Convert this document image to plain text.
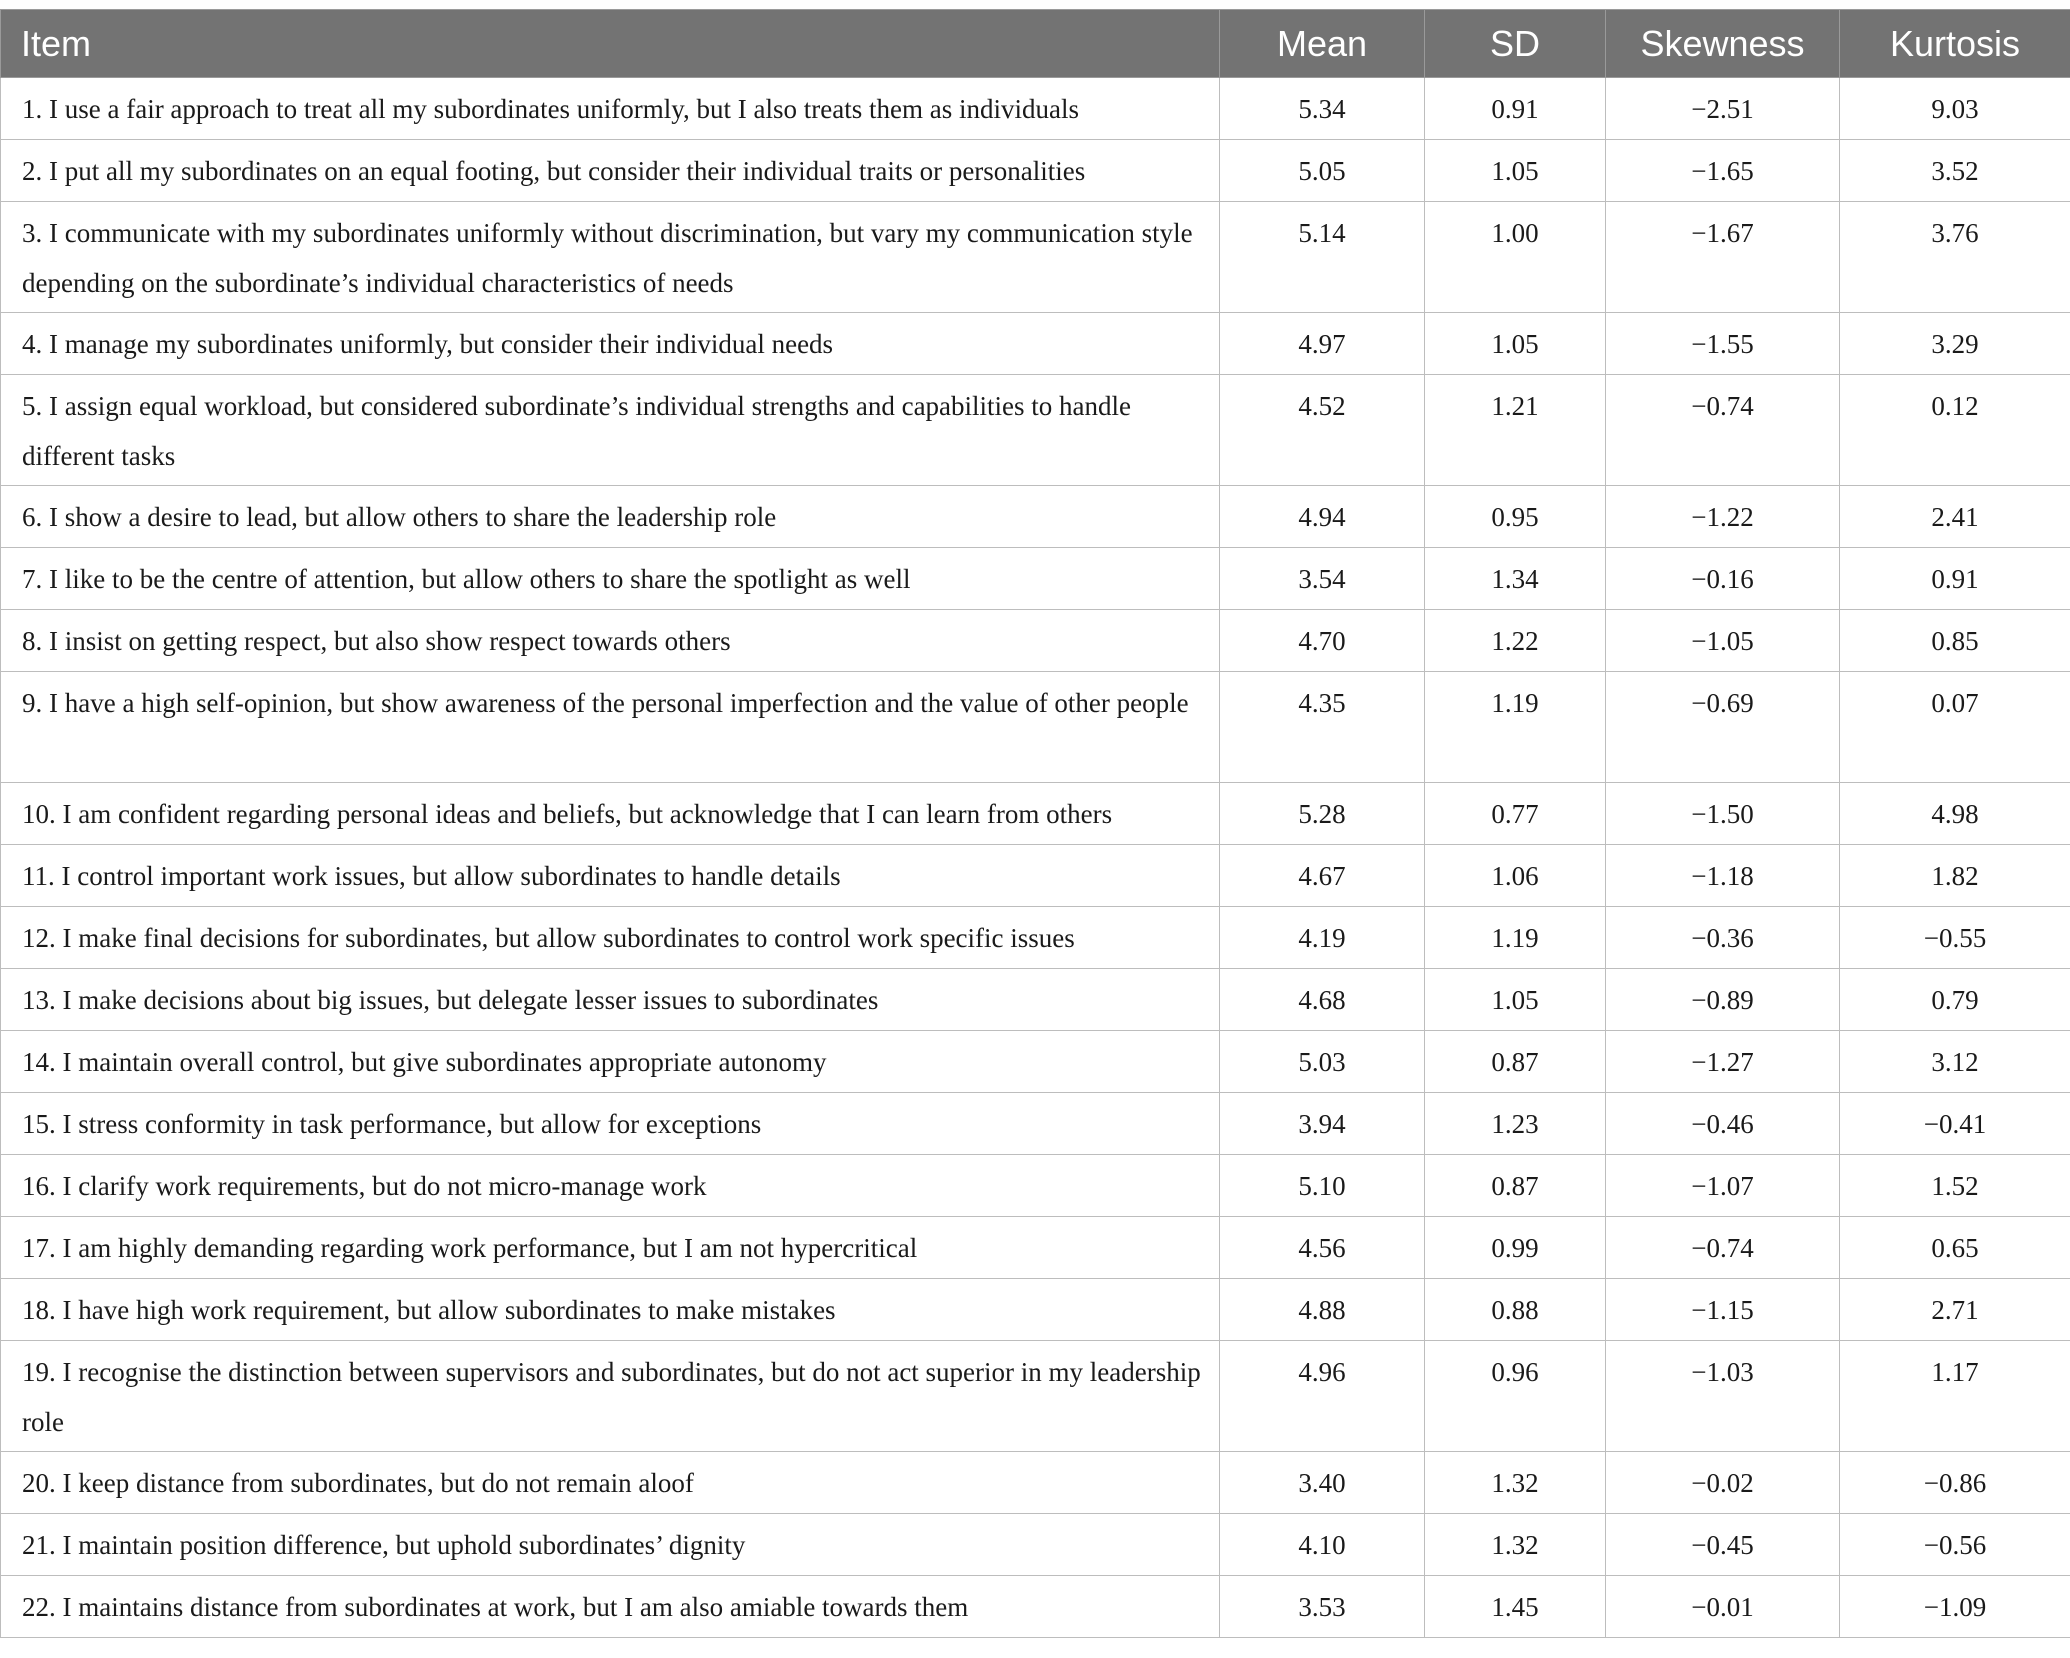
Item	Mean	SD	Skewness	Kurtosis

1. I use a fair approach to treat all my subordinates uniformly, but I also treats them as individuals	5.34	0.91	−2.51	9.03

2. I put all my subordinates on an equal footing, but consider their individual traits or personalities	5.05	1.05	−1.65	3.52

3. I communicate with my subordinates uniformly without discrimination, but vary my communication style depending on the subordinate’s individual characteristics of needs	5.14	1.00	−1.67	3.76

4. I manage my subordinates uniformly, but consider their individual needs	4.97	1.05	−1.55	3.29

5. I assign equal workload, but considered subordinate’s individual strengths and capabilities to handle different tasks	4.52	1.21	−0.74	0.12

6. I show a desire to lead, but allow others to share the leadership role	4.94	0.95	−1.22	2.41

7. I like to be the centre of attention, but allow others to share the spotlight as well	3.54	1.34	−0.16	0.91

8. I insist on getting respect, but also show respect towards others	4.70	1.22	−1.05	0.85

9. I have a high self-opinion, but show awareness of the personal imperfection and the value of other people	4.35	1.19	−0.69	0.07

10. I am confident regarding personal ideas and beliefs, but acknowledge that I can learn from others	5.28	0.77	−1.50	4.98

11. I control important work issues, but allow subordinates to handle details	4.67	1.06	−1.18	1.82

12. I make final decisions for subordinates, but allow subordinates to control work specific issues	4.19	1.19	−0.36	−0.55

13. I make decisions about big issues, but delegate lesser issues to subordinates	4.68	1.05	−0.89	0.79

14. I maintain overall control, but give subordinates appropriate autonomy	5.03	0.87	−1.27	3.12

15. I stress conformity in task performance, but allow for exceptions	3.94	1.23	−0.46	−0.41

16. I clarify work requirements, but do not micro-manage work	5.10	0.87	−1.07	1.52

17. I am highly demanding regarding work performance, but I am not hypercritical	4.56	0.99	−0.74	0.65

18. I have high work requirement, but allow subordinates to make mistakes	4.88	0.88	−1.15	2.71

19. I recognise the distinction between supervisors and subordinates, but do not act superior in my leadership role	4.96	0.96	−1.03	1.17

20. I keep distance from subordinates, but do not remain aloof	3.40	1.32	−0.02	−0.86

21. I maintain position difference, but uphold subordinates’ dignity	4.10	1.32	−0.45	−0.56

22. I maintains distance from subordinates at work, but I am also amiable towards them	3.53	1.45	−0.01	−1.09
